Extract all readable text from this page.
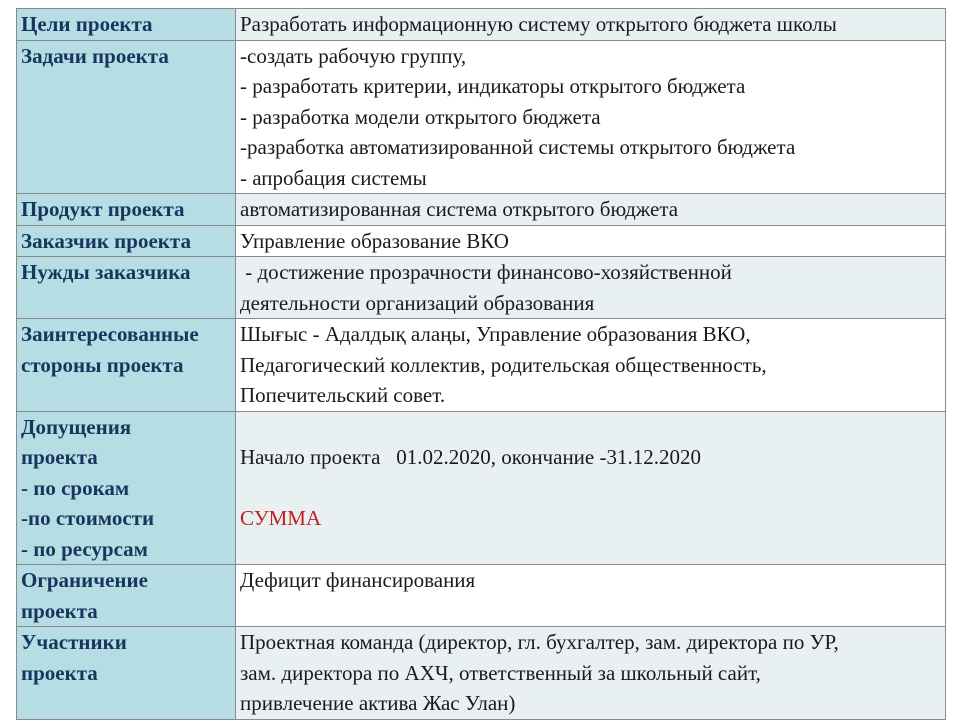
Цели проекта	Разработать информационную систему открытого бюджета школы

Задачи проекта	-создать рабочую группу,
- разработать критерии, индикаторы открытого бюджета
- разработка модели открытого бюджета
-разработка автоматизированной системы открытого бюджета
- апробация системы

Продукт проекта	автоматизированная система открытого бюджета

Заказчик проекта	Управление образование ВКО

Нужды заказчика	- достижение прозрачности финансово-хозяйственной
деятельности организаций образования

Заинтересованные
стороны проекта	Шығыс - Адалдық алаңы, Управление образования ВКО,
Педагогический коллектив, родительская общественность,
Попечительский совет.

Допущения
проекта
- по срокам
-по стоимости
- по ресурсам	Начало проекта   01.02.2020, окончание -31.12.2020
СУММА

Ограничение
проекта	Дефицит финансирования

Участники
проекта	Проектная команда (директор, гл. бухгалтер, зам. директора по УР,
зам. директора по АХЧ, ответственный за школьный сайт,
привлечение актива Жас Улан)
